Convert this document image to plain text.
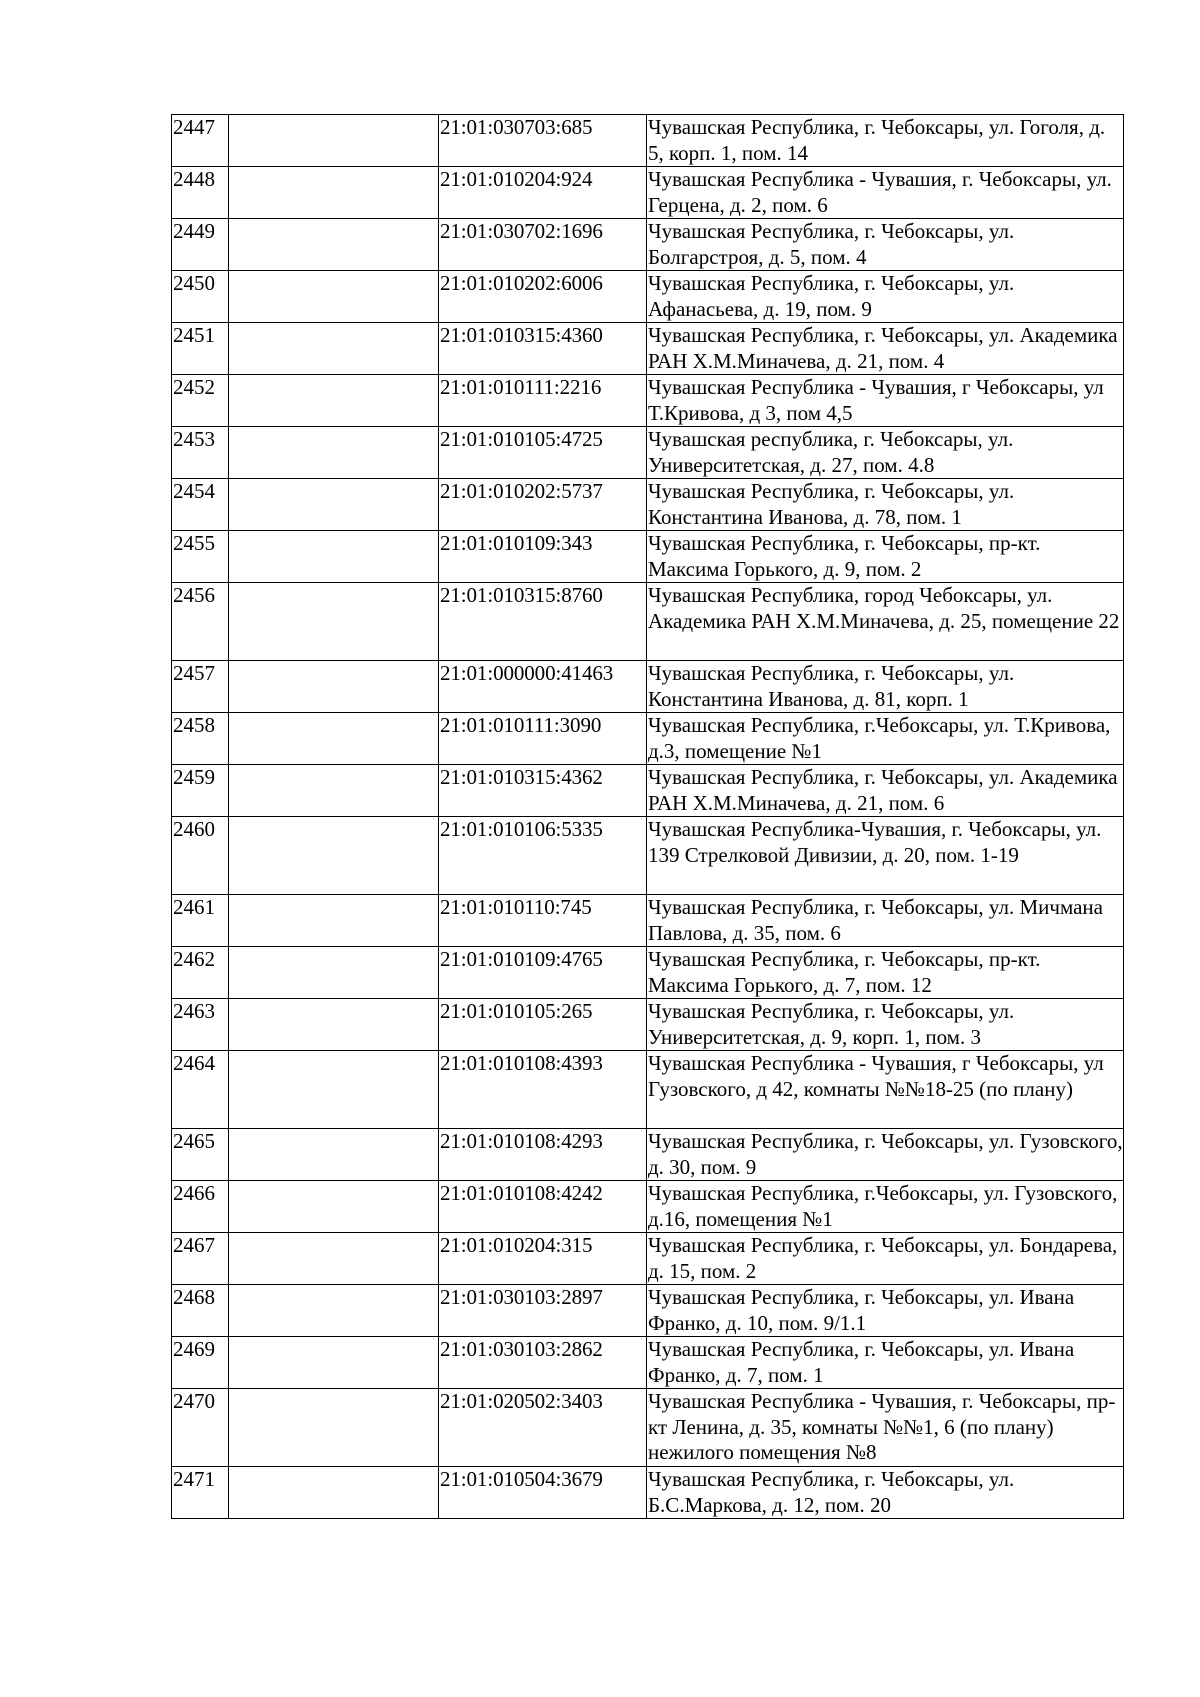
2447		21:01:030703:685	Чувашская Республика, г. Чебоксары, ул. Гоголя, д. 5, корп. 1, пом. 14
2448		21:01:010204:924	Чувашская Республика - Чувашия, г. Чебоксары, ул. Герцена, д. 2, пом. 6
2449		21:01:030702:1696	Чувашская Республика, г. Чебоксары, ул. Болгарстроя, д. 5, пом. 4
2450		21:01:010202:6006	Чувашская Республика, г. Чебоксары, ул. Афанасьева, д. 19, пом. 9
2451		21:01:010315:4360	Чувашская Республика, г. Чебоксары, ул. Академика РАН Х.М.Миначева, д. 21, пом. 4
2452		21:01:010111:2216	Чувашская Республика - Чувашия, г Чебоксары, ул Т.Кривова, д 3, пом 4,5
2453		21:01:010105:4725	Чувашская республика, г. Чебоксары, ул. Университетская, д. 27, пом. 4.8
2454		21:01:010202:5737	Чувашская Республика, г. Чебоксары, ул. Константина Иванова, д. 78, пом. 1
2455		21:01:010109:343	Чувашская Республика, г. Чебоксары, пр-кт. Максима Горького, д. 9, пом. 2
2456		21:01:010315:8760	Чувашская Республика, город Чебоксары, ул. Академика РАН Х.М.Миначева, д. 25, помещение 22
2457		21:01:000000:41463	Чувашская Республика, г. Чебоксары, ул. Константина Иванова, д. 81, корп. 1
2458		21:01:010111:3090	Чувашская Республика, г.Чебоксары, ул. Т.Кривова, д.3, помещение №1
2459		21:01:010315:4362	Чувашская Республика, г. Чебоксары, ул. Академика РАН Х.М.Миначева, д. 21, пом. 6
2460		21:01:010106:5335	Чувашская Республика-Чувашия, г. Чебоксары, ул. 139 Стрелковой Дивизии, д. 20, пом. 1-19
2461		21:01:010110:745	Чувашская Республика, г. Чебоксары, ул. Мичмана Павлова, д. 35, пом. 6
2462		21:01:010109:4765	Чувашская Республика, г. Чебоксары, пр-кт. Максима Горького, д. 7, пом. 12
2463		21:01:010105:265	Чувашская Республика, г. Чебоксары, ул. Университетская, д. 9, корп. 1, пом. 3
2464		21:01:010108:4393	Чувашская Республика - Чувашия, г Чебоксары, ул Гузовского, д 42, комнаты №№18-25 (по плану)
2465		21:01:010108:4293	Чувашская Республика, г. Чебоксары, ул. Гузовского, д. 30, пом. 9
2466		21:01:010108:4242	Чувашская Республика, г.Чебоксары, ул. Гузовского, д.16, помещения №1
2467		21:01:010204:315	Чувашская Республика, г. Чебоксары, ул. Бондарева, д. 15, пом. 2
2468		21:01:030103:2897	Чувашская Республика, г. Чебоксары, ул. Ивана Франко, д. 10, пом. 9/1.1
2469		21:01:030103:2862	Чувашская Республика, г. Чебоксары, ул. Ивана Франко, д. 7, пом. 1
2470		21:01:020502:3403	Чувашская Республика - Чувашия, г. Чебоксары, пр-кт Ленина, д. 35, комнаты №№1, 6 (по плану) нежилого помещения №8
2471		21:01:010504:3679	Чувашская Республика, г. Чебоксары, ул. Б.С.Маркова, д. 12, пом. 20
